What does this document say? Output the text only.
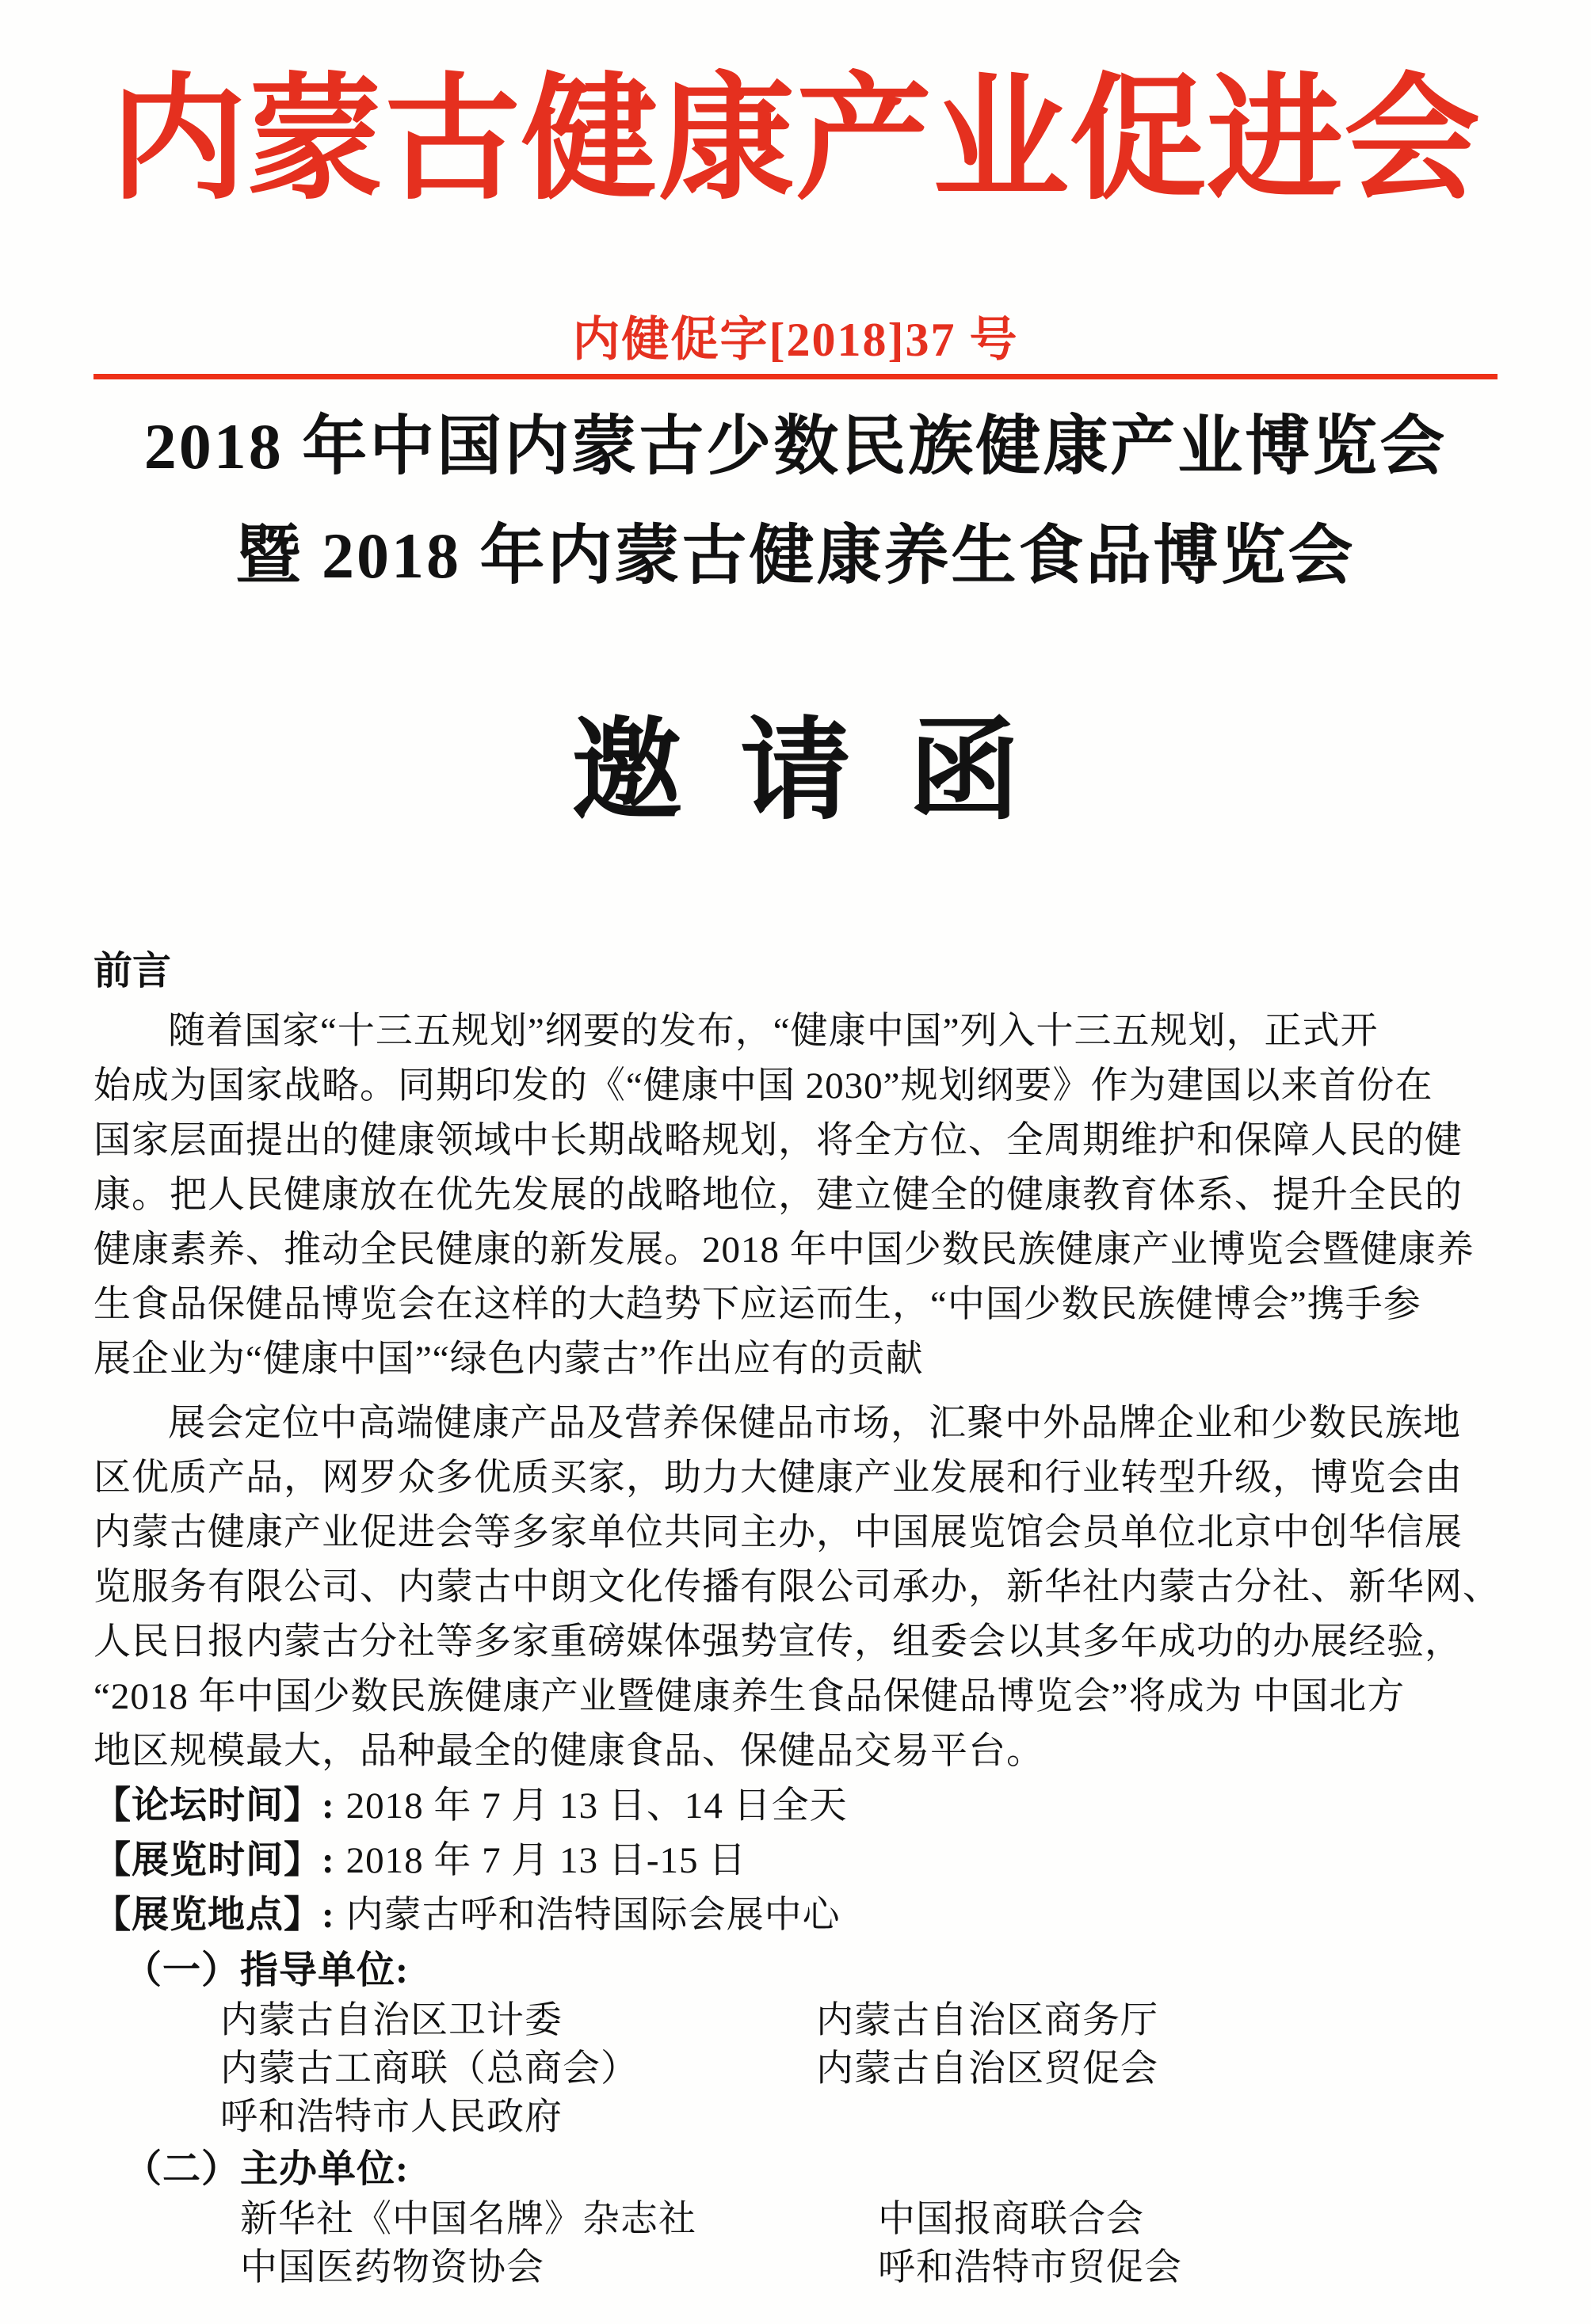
内蒙古健康产业促进会
内健促字[2018]37 号
2018 年中国内蒙古少数民族健康产业博览会
暨 2018 年内蒙古健康养生食品博览会
邀请函
前言
随着国家“十三五规划”纲要的发布，“健康中国”列入十三五规划，正式开
始成为国家战略。同期印发的《“健康中国 2030”规划纲要》作为建国以来首份在
国家层面提出的健康领域中长期战略规划，将全方位、全周期维护和保障人民的健
康。把人民健康放在优先发展的战略地位，建立健全的健康教育体系、提升全民的
健康素养、推动全民健康的新发展。2018 年中国少数民族健康产业博览会暨健康养
生食品保健品博览会在这样的大趋势下应运而生，“中国少数民族健博会”携手参
展企业为“健康中国”“绿色内蒙古”作出应有的贡献
展会定位中高端健康产品及营养保健品市场，汇聚中外品牌企业和少数民族地
区优质产品，网罗众多优质买家，助力大健康产业发展和行业转型升级，博览会由
内蒙古健康产业促进会等多家单位共同主办，中国展览馆会员单位北京中创华信展
览服务有限公司、内蒙古中朗文化传播有限公司承办，新华社内蒙古分社、新华网、
人民日报内蒙古分社等多家重磅媒体强势宣传，组委会以其多年成功的办展经验，
“2018 年中国少数民族健康产业暨健康养生食品保健品博览会”将成为 中国北方
地区规模最大，品种最全的健康食品、保健品交易平台。
【论坛时间】: 2018 年 7 月 13 日、14 日全天
【展览时间】: 2018 年 7 月 13 日-15 日
【展览地点】: 内蒙古呼和浩特国际会展中心
（一）指导单位:
内蒙古自治区卫计委	内蒙古自治区商务厅
内蒙古工商联（总商会）	内蒙古自治区贸促会
呼和浩特市人民政府
（二）主办单位:
新华社《中国名牌》杂志社	中国报商联合会
中国医药物资协会	呼和浩特市贸促会
